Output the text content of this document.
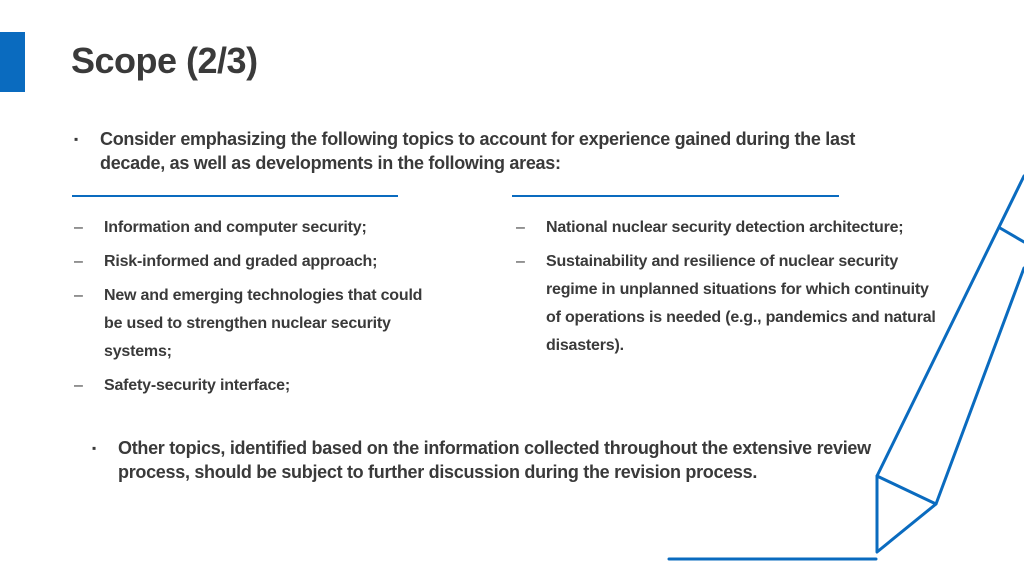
Scope (2/3)
▪	Consider emphasizing the following topics to account for experience gained during the last decade, as well as developments in the following areas:
–	Information and computer security;
–	Risk-informed and graded approach;
–	New and emerging technologies that could be used to strengthen nuclear security systems;
–	Safety-security interface;
–	National nuclear security detection architecture;
–	Sustainability and resilience of nuclear security regime in unplanned situations for which continuity of operations is needed (e.g., pandemics and natural disasters).
▪	Other topics, identified based on the information collected throughout the extensive review process, should be subject to further discussion during the revision process.
